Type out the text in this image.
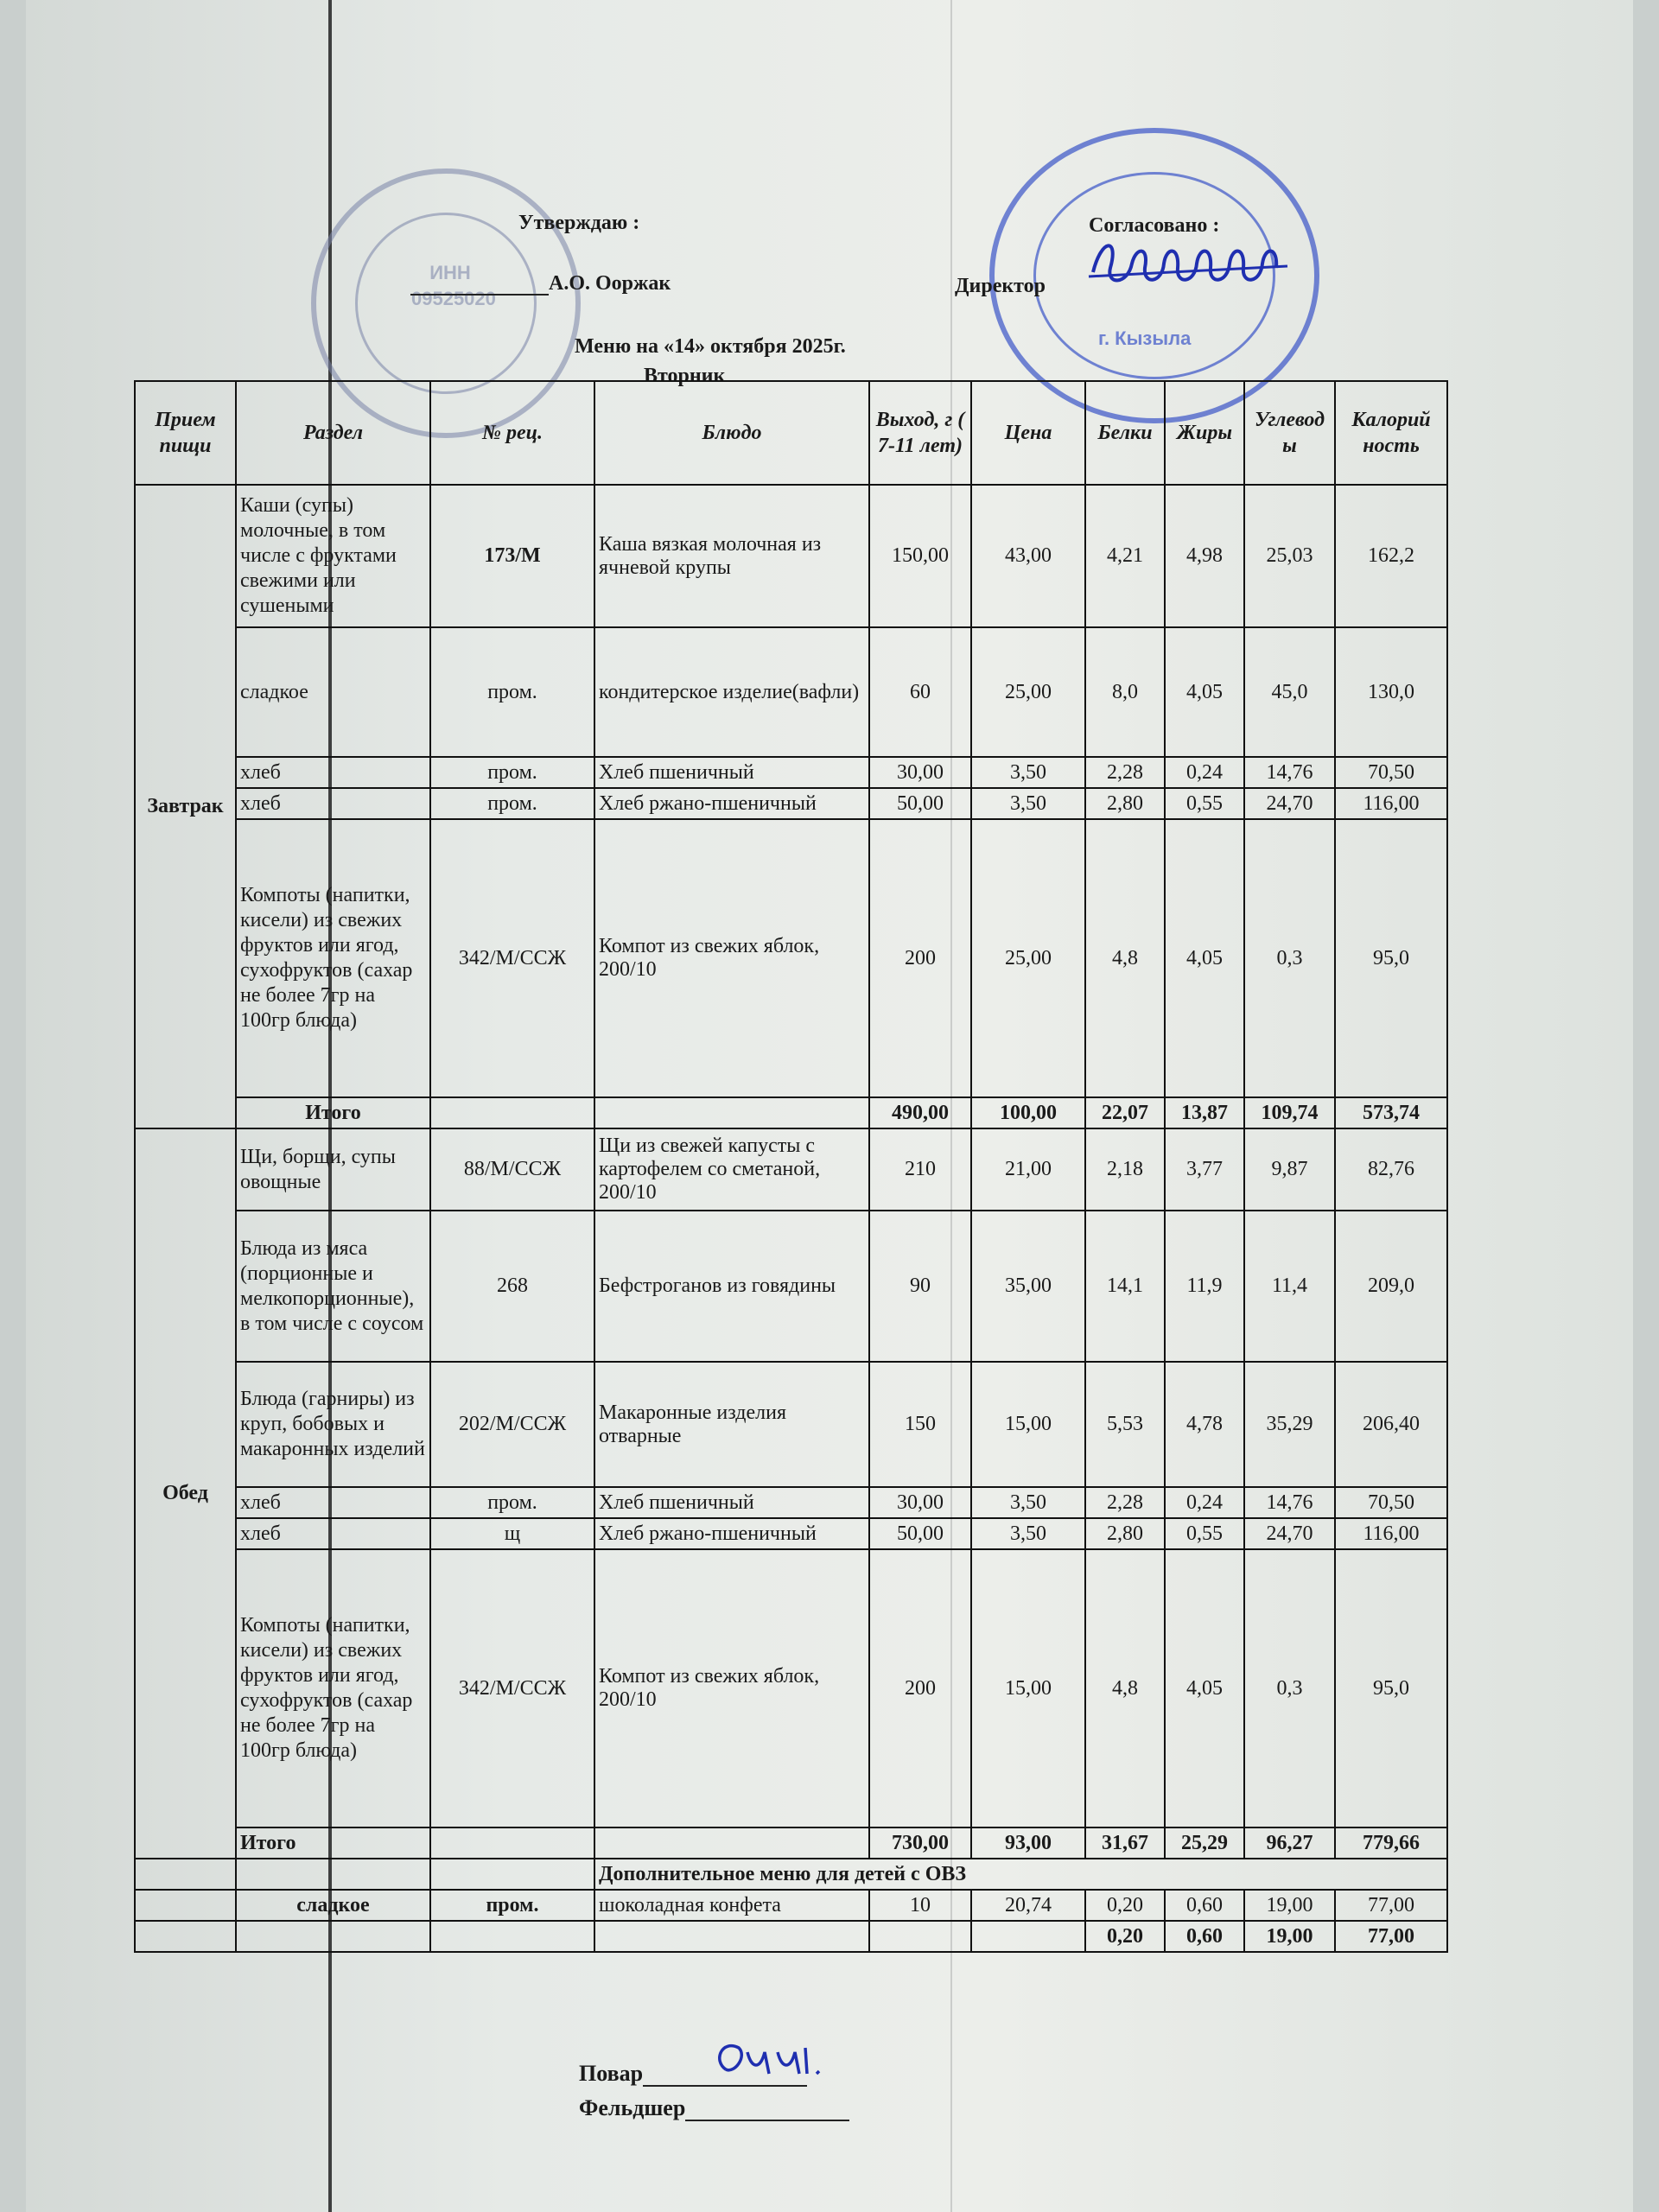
ИНН 09525020
г. Кызыла
Утверждаю :
А.О. Ооржак
Согласовано :
Директор
Меню на «14» октября 2025г.
Вторник
Прием пищи	Раздел	№ рец.	Блюдо	Выход, г ( 7-11 лет)	Цена	Белки	Жиры	Углевод ы	Калорий ность
Завтрак	Каши (супы) молочные, в том числе с фруктами свежими или сушеными	173/М	Каша вязкая молочная из ячневой крупы	150,00	43,00	4,21	4,98	25,03	162,2
	сладкое	пром.	кондитерское изделие(вафли)	60	25,00	8,0	4,05	45,0	130,0
	хлеб	пром.	Хлеб пшеничный	30,00	3,50	2,28	0,24	14,76	70,50
	хлеб	пром.	Хлеб ржано-пшеничный	50,00	3,50	2,80	0,55	24,70	116,00
	Компоты (напитки, кисели) из свежих фруктов или ягод, сухофруктов (сахар не более 7гр на 100гр блюда)	342/М/ССЖ	Компот из свежих яблок, 200/10	200	25,00	4,8	4,05	0,3	95,0
	Итого			490,00	100,00	22,07	13,87	109,74	573,74
Обед	Щи, борщи, супы овощные	88/М/ССЖ	Щи из свежей капусты с картофелем со сметаной, 200/10	210	21,00	2,18	3,77	9,87	82,76
	Блюда из мяса (порционные и мелкопорционные), в том числе с соусом	268	Бефстроганов из говядины	90	35,00	14,1	11,9	11,4	209,0
	Блюда (гарниры) из круп, бобовых и макаронных изделий	202/М/ССЖ	Макаронные изделия отварные	150	15,00	5,53	4,78	35,29	206,40
	хлеб	пром.	Хлеб пшеничный	30,00	3,50	2,28	0,24	14,76	70,50
	хлеб	щ	Хлеб ржано-пшеничный	50,00	3,50	2,80	0,55	24,70	116,00
	Компоты (напитки, кисели) из свежих фруктов или ягод, сухофруктов (сахар не более 7гр на 100гр блюда)	342/М/ССЖ	Компот из свежих яблок, 200/10	200	15,00	4,8	4,05	0,3	95,0
	Итого			730,00	93,00	31,67	25,29	96,27	779,66
			Дополнительное меню для детей с ОВЗ						
	сладкое	пром.	шоколадная конфета	10	20,74	0,20	0,60	19,00	77,00
						0,20	0,60	19,00	77,00
Повар
Фельдшер
